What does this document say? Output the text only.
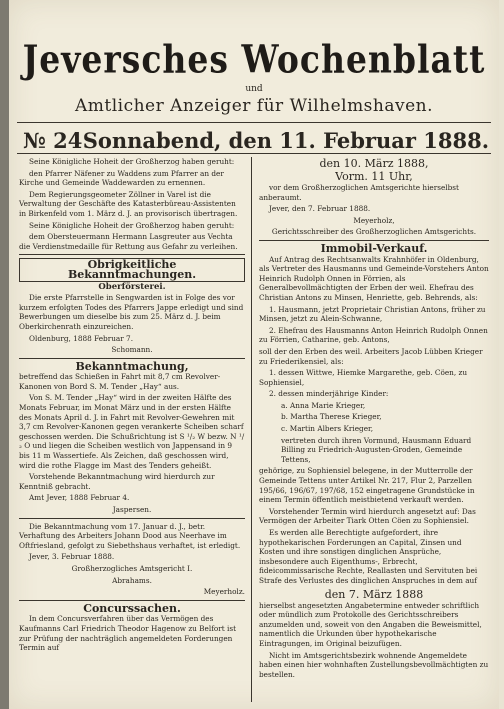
Jeversches Wochenblatt
und
Amtlicher Anzeiger für Wilhelmshaven.
№ 24 Sonnabend, den 11. Februar 1888.

Seine Königliche Hoheit der Großherzog haben geruht:

den Pfarrer Näfener zu Waddens zum Pfarrer an der Kirche und Gemeinde Waddewarden zu ernennen.

Dem Regierungsgeometer Zöllner in Varel ist die Verwaltung der Geschäfte des Katasterbüreau-Assistenten in Birkenfeld vom 1. März d. J. an provisorisch übertragen.

Seine Königliche Hoheit der Großherzog haben geruht:

dem Obersteuermann Hermann Lasgreuter aus Vechta die Verdienstmedaille für Rettung aus Gefahr zu verleihen.

Obrigkeitliche Bekanntmachungen.
Oberförsterei.

Die erste Pfarrstelle in Sengwarden ist in Folge des vor kurzem erfolgten Todes des Pfarrers Jappe erledigt und sind Bewerbungen um dieselbe bis zum 25. März d. J. beim Oberkirchenrath einzureichen.

Oldenburg, 1888 Februar 7.

Schomann.

Bekanntmachung,

betreffend das Schießen in Fahrt mit 8,7 cm Revolver-Kanonen von Bord S. M. Tender „Hay“ aus.

Von S. M. Tender „Hay“ wird in der zweiten Hälfte des Monats Februar, im Monat März und in der ersten Hälfte des Monats April d. J. in Fahrt mit Revolver-Gewehren mit 3,7 cm Revolver-Kanonen gegen verankerte Scheiben scharf geschossen werden. Die Schußrichtung ist S ¹/₂ W bezw. N ¹/₂ O und liegen die Scheiben westlich von Jappensand in 9 bis 11 m Wassertiefe. Als Zeichen, daß geschossen wird, wird die rothe Flagge im Mast des Tenders geheißt.

Vorstehende Bekanntmachung wird hierdurch zur Kenntniß gebracht.

Amt Jever, 1888 Februar 4.

Jaspersen.

Die Bekanntmachung vom 17. Januar d. J., betr. Verhaftung des Arbeiters Johann Dood aus Neerhave im Oftfriesland, gefolgt zu Siebethshaus verhaftet, ist erledigt.

Jever, 3. Februar 1888.

Großherzogliches Amtsgericht I.

Abrahams.

Meyerholz.

Concurssachen.

In dem Concursverfahren über das Vermögen des Kaufmanns Carl Friedrich Theodor Hagenow zu Belfort ist zur Prüfung der nachträglich angemeldeten Forderungen Termin auf

den 10. März 1888,
Vorm. 11 Uhr,

vor dem Großherzoglichen Amtsgerichte hierselbst anberaumt.

Jever, den 7. Februar 1888.

Meyerholz,

Gerichtsschreiber des Großherzoglichen Amtsgerichts.

Immobil-Verkauf.

Auf Antrag des Rechtsanwalts Krahnhöfer in Oldenburg, als Vertreter des Hausmanns und Gemeinde-Vorstehers Anton Heinrich Rudolph Onnen in Förrien, als Generalbevollmächtigten der Erben der weil. Ehefrau des Christian Antons zu Minsen, Henriette, geb. Behrends, als:

1. Hausmann, jetzt Proprietair Christian Antons, früher zu Minsen, jetzt zu Alein-Schwanne,

2. Ehefrau des Hausmanns Anton Heinrich Rudolph Onnen zu Förrien, Catharine, geb. Antons,

soll der den Erben des weil. Arbeiters Jacob Lübben Krieger zu Friederikensiel, als:

1. dessen Wittwe, Hiemke Margarethe, geb. Cöen, zu Sophiensiel,

2. dessen minderjährige Kinder:

a. Anna Marie Krieger,

b. Martha Therese Krieger,

c. Martin Albers Krieger,

vertreten durch ihren Vormund, Hausmann Eduard Billing zu Friedrich-Augusten-Groden, Gemeinde Tettens,

gehörige, zu Sophiensiel belegene, in der Mutterrolle der Gemeinde Tettens unter Artikel Nr. 217, Flur 2, Parzellen 195/66, 196/67, 197/68, 152 eingetragene Grundstücke in einem Termin öffentlich meistbietend verkauft werden.

Vorstehender Termin wird hierdurch angesetzt auf: Das Vermögen der Arbeiter Tiark Otten Cöen zu Sophiensiel.

Es werden alle Berechtigte aufgefordert, ihre hypothekarischen Forderungen an Capital, Zinsen und Kosten und ihre sonstigen dinglichen Ansprüche, insbesondere auch Eigenthums-, Erbrecht, fideicommissarische Rechte, Reallasten und Servituten bei Strafe des Verlustes des dinglichen Anspruches in dem auf

den 7. März 1888

hierselbst angesetzten Angabetermine entweder schriftlich oder mündlich zum Protokolle des Gerichtsschreibers anzumelden und, soweit von den Angaben die Beweismittel, namentlich die Urkunden über hypothekarische Eintragungen, im Original beizufügen.

Nicht im Amtsgerichtsbezirk wohnende Angemeldete haben einen hier wohnhaften Zustellungsbevollmächtigten zu bestellen.
